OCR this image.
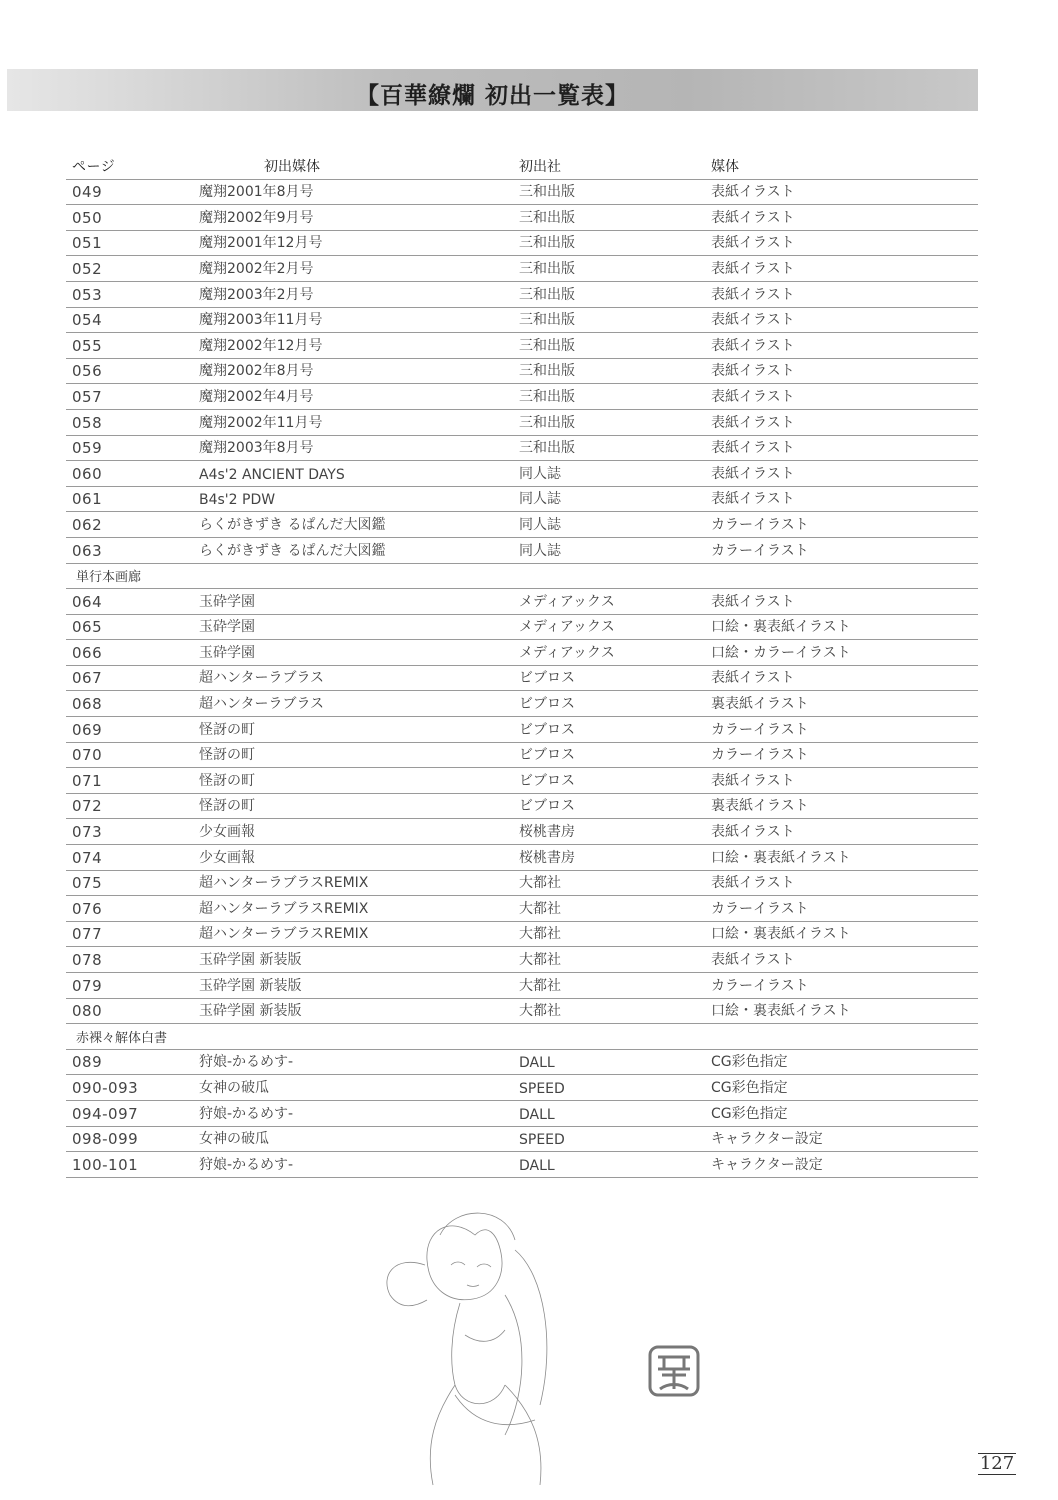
【百華繚爛 初出一覧表】
ページ	初出媒体	初出社	媒体
049	魔翔2001年8月号	三和出版	表紙イラスト
050	魔翔2002年9月号	三和出版	表紙イラスト
051	魔翔2001年12月号	三和出版	表紙イラスト
052	魔翔2002年2月号	三和出版	表紙イラスト
053	魔翔2003年2月号	三和出版	表紙イラスト
054	魔翔2003年11月号	三和出版	表紙イラスト
055	魔翔2002年12月号	三和出版	表紙イラスト
056	魔翔2002年8月号	三和出版	表紙イラスト
057	魔翔2002年4月号	三和出版	表紙イラスト
058	魔翔2002年11月号	三和出版	表紙イラスト
059	魔翔2003年8月号	三和出版	表紙イラスト
060	A4s'2 ANCIENT DAYS	同人誌	表紙イラスト
061	B4s'2 PDW	同人誌	表紙イラスト
062	らくがきずき るぱんだ大図鑑	同人誌	カラーイラスト
063	らくがきずき るぱんだ大図鑑	同人誌	カラーイラスト
単行本画廊
064	玉砕学園	メディアックス	表紙イラスト
065	玉砕学園	メディアックス	口絵・裏表紙イラスト
066	玉砕学園	メディアックス	口絵・カラーイラスト
067	超ハンターラブラス	ビブロス	表紙イラスト
068	超ハンターラブラス	ビブロス	裏表紙イラスト
069	怪訝の町	ビブロス	カラーイラスト
070	怪訝の町	ビブロス	カラーイラスト
071	怪訝の町	ビブロス	表紙イラスト
072	怪訝の町	ビブロス	裏表紙イラスト
073	少女画報	桜桃書房	表紙イラスト
074	少女画報	桜桃書房	口絵・裏表紙イラスト
075	超ハンターラブラスREMIX	大都社	表紙イラスト
076	超ハンターラブラスREMIX	大都社	カラーイラスト
077	超ハンターラブラスREMIX	大都社	口絵・裏表紙イラスト
078	玉砕学園 新装版	大都社	表紙イラスト
079	玉砕学園 新装版	大都社	カラーイラスト
080	玉砕学園 新装版	大都社	口絵・裏表紙イラスト
赤裸々解体白書
089	狩娘-かるめす-	DALL	CG彩色指定
090-093	女神の破瓜	SPEED	CG彩色指定
094-097	狩娘-かるめす-	DALL	CG彩色指定
098-099	女神の破瓜	SPEED	キャラクター設定
100-101	狩娘-かるめす-	DALL	キャラクター設定
127
